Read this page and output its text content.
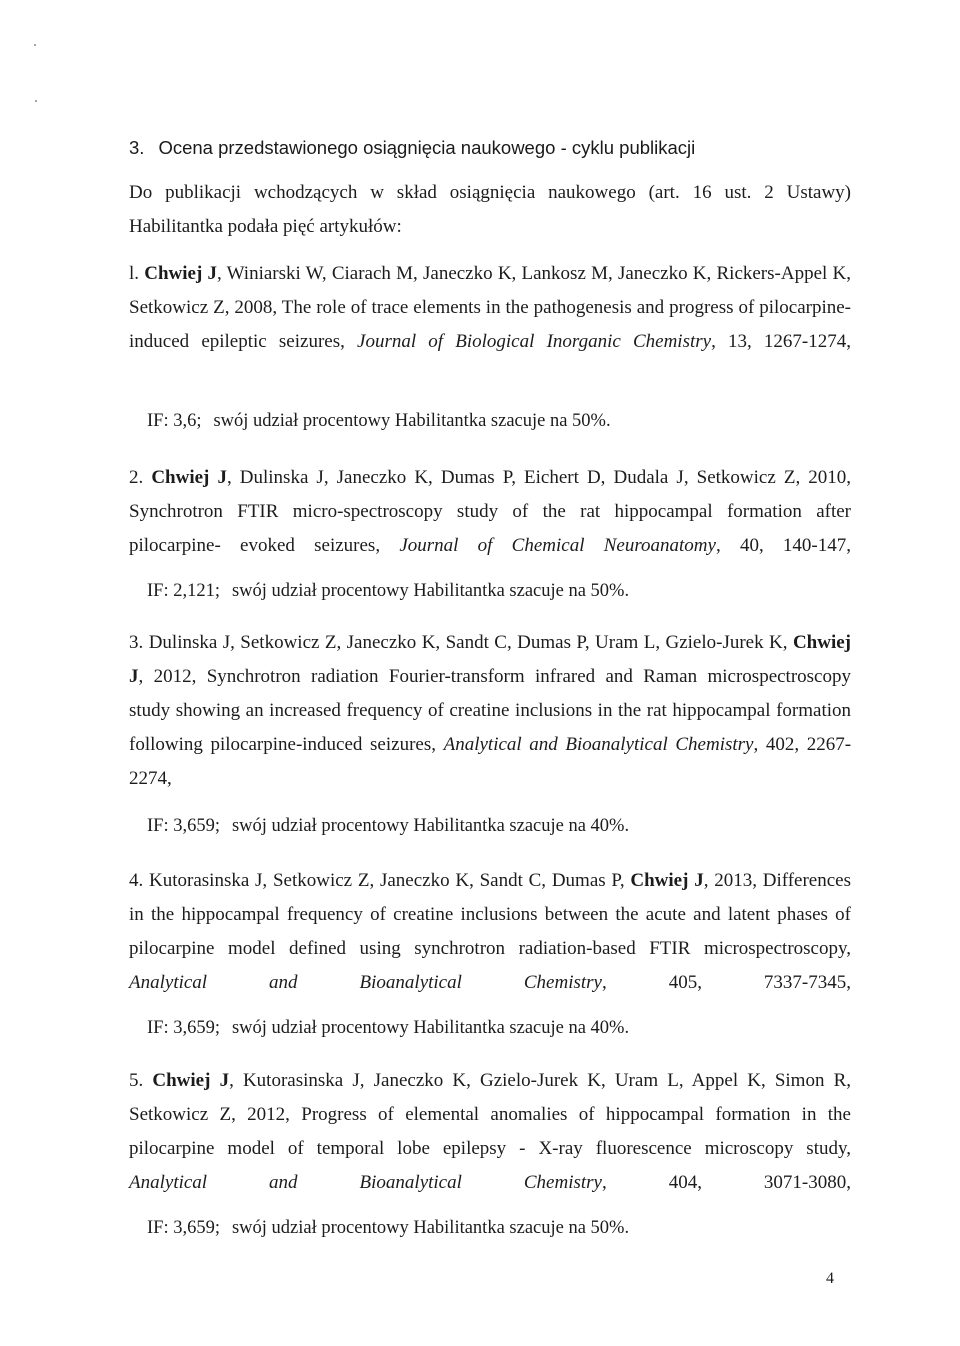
3. Ocena przedstawionego osiągnięcia naukowego - cyklu publikacji
Do publikacji wchodzących w skład osiągnięcia naukowego (art. 16 ust. 2 Ustawy)
Habilitantka podała pięć artykułów:

l. Chwiej J, Winiarski W, Ciarach M, Janeczko K, Lankosz M, Janeczko K, Rickers-Appel K, Setkowicz Z, 2008, The role of trace elements in the pathogenesis and progress of pilocarpine- induced epileptic seizures, Journal of Biological Inorganic Chemistry, 13, 1267-1274,

IF: 3,6; swój udział procentowy Habilitantka szacuje na 50%.

2. Chwiej J, Dulinska J, Janeczko K, Dumas P, Eichert D, Dudala J, Setkowicz Z, 2010, Synchrotron FTIR micro-spectroscopy study of the rat hippocampal formation after pilocarpine- evoked seizures, Journal of Chemical Neuroanatomy, 40, 140-147,

IF: 2,121; swój udział procentowy Habilitantka szacuje na 50%.

3. Dulinska J, Setkowicz Z, Janeczko K, Sandt C, Dumas P, Uram L, Gzielo-Jurek K, Chwiej J, 2012, Synchrotron radiation Fourier-transform infrared and Raman microspectroscopy study showing an increased frequency of creatine inclusions in the rat hippocampal formation following pilocarpine-induced seizures, Analytical and Bioanalytical Chemistry, 402, 2267-2274,

IF: 3,659; swój udział procentowy Habilitantka szacuje na 40%.

4. Kutorasinska J, Setkowicz Z, Janeczko K, Sandt C, Dumas P, Chwiej J, 2013, Differences in the hippocampal frequency of creatine inclusions between the acute and latent phases of pilocarpine model defined using synchrotron radiation-based FTIR microspectroscopy, Analytical and Bioanalytical Chemistry, 405, 7337-7345,

IF: 3,659; swój udział procentowy Habilitantka szacuje na 40%.

5. Chwiej J, Kutorasinska J, Janeczko K, Gzielo-Jurek K, Uram L, Appel K, Simon R, Setkowicz Z, 2012, Progress of elemental anomalies of hippocampal formation in the pilocarpine model of temporal lobe epilepsy - X-ray fluorescence microscopy study, Analytical and Bioanalytical Chemistry, 404, 3071-3080,

IF: 3,659; swój udział procentowy Habilitantka szacuje na 50%.
4
